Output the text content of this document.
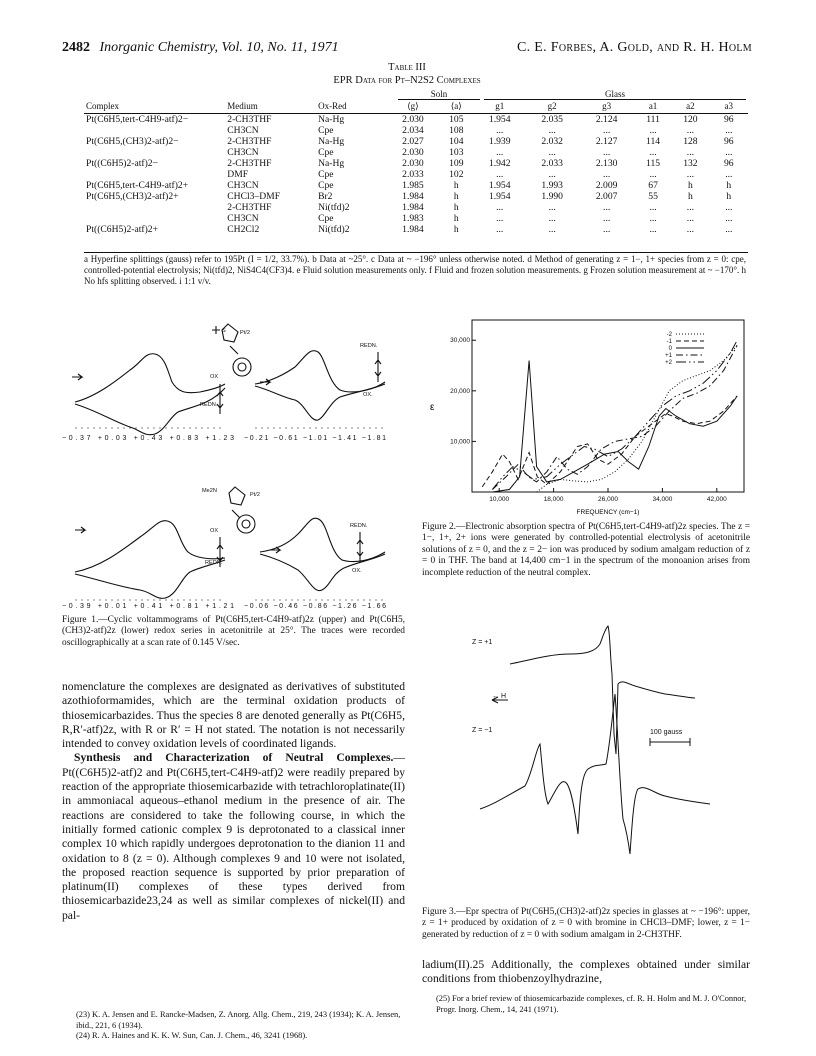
2482 Inorganic Chemistry, Vol. 10, No. 11, 1971	C. E. Forbes, A. Gold, and R. H. Holm
Table III
EPR Data for Pt–N2S2 Complexes
Soln	Glass
Complex	Medium	Ox-Red	⟨g⟩	⟨a⟩	g1	g2	g3	a1	a2	a3
Pt(C6H5,tert-C4H9-atf)2−	2-CH3THF	Na-Hg	2.030	105	1.954	2.035	2.124	111	120	96
	CH3CN	Cpe	2.034	108	...	...	...	...	...	...
Pt(C6H5,(CH3)2-atf)2−	2-CH3THF	Na-Hg	2.027	104	1.939	2.032	2.127	114	128	96
	CH3CN	Cpe	2.030	103	...	...	...	...	...	...
Pt((C6H5)2-atf)2−	2-CH3THF	Na-Hg	2.030	109	1.942	2.033	2.130	115	132	96
	DMF	Cpe	2.033	102	...	...	...	...	...	...
Pt(C6H5,tert-C4H9-atf)2+	CH3CN	Cpe	1.985	h	1.954	1.993	2.009	67	h	h
Pt(C6H5,(CH3)2-atf)2+	CHCl3–DMF	Br2	1.984	h	1.954	1.990	2.007	55	h	h
	2-CH3THF	Ni(tfd)2	1.984	h	...	...	...	...	...	...
	CH3CN	Cpe	1.983	h	...	...	...	...	...	...
Pt((C6H5)2-atf)2+	CH2Cl2	Ni(tfd)2	1.984	h	...	...	...	...	...	...
a Hyperfine splittings (gauss) refer to 195Pt (I = 1/2, 33.7%). b Data at ~25°. c Data at ~ −196° unless otherwise noted. d Method of generating z = 1−, 1+ species from z = 0: cpe, controlled-potential electrolysis; Ni(tfd)2, NiS4C4(CF3)4. e Fluid solution measurements only. f Fluid and frozen solution measurements. g Frozen solution measurement at ~ −170°. h No hfs splitting observed. i 1:1 v/v.
S	Pt/2
Me2N
Pt/2
OX
REDN.
REDN.
OX.
OX
REDN.
REDN.
OX.
−0.37 +0.03 +0.43 +0.83 +1.23 −0.21 −0.61 −1.01 −1.41 −1.81
−0.39 +0.01 +0.41 +0.81 +1.21 −0.06 −0.46 −0.86 −1.26 −1.66
Figure 1.—Cyclic voltammograms of Pt(C6H5,tert-C4H9-atf)2z (upper) and Pt(C6H5,(CH3)2-atf)2z (lower) redox series in acetonitrile at 25°. The traces were recorded oscillographically at a scan rate of 0.145 V/sec.
10,000	18,000	26,000	34,000	42,000
10,000
20,000
30,000
-2
-1
0
+1
+2
ε
FREQUENCY (cm−1)
Figure 2.—Electronic absorption spectra of Pt(C6H5,tert-C4H9-atf)2z species. The z = 1−, 1+, 2+ ions were generated by controlled-potential electrolysis of acetonitrile solutions of z = 0, and the z = 2− ion was produced by sodium amalgam reduction of z = 0 in THF. The band at 14,400 cm−1 in the spectrum of the monoanion arises from incomplete reduction of the neutral complex.
Z = +1
Z = −1
← H
100 gauss
Figure 3.—Epr spectra of Pt(C6H5,(CH3)2-atf)2z species in glasses at ~ −196°: upper, z = 1+ produced by oxidation of z = 0 with bromine in CHCl3–DMF; lower, z = 1− generated by reduction of z = 0 with sodium amalgam in 2-CH3THF.
nomenclature the complexes are designated as derivatives of substituted azothioformamides, which are the terminal oxidation products of thiosemicarbazides. Thus the species 8 are denoted generally as Pt(C6H5, R,R′-atf)2z, with R or R′ = H not stated. The notation is not necessarily intended to convey oxidation levels of coordinated ligands.
Synthesis and Characterization of Neutral Complexes.—Pt((C6H5)2-atf)2 and Pt(C6H5,tert-C4H9-atf)2 were readily prepared by reaction of the appropriate thiosemicarbazide with tetrachloroplatinate(II) in ammoniacal aqueous–ethanol medium in the presence of air. The reactions are considered to take the following course, in which the initially formed cationic complex 9 is deprotonated to a classical inner complex 10 which rapidly undergoes deprotonation to the dianion 11 and oxidation to 8 (z = 0). Although complexes 9 and 10 were not isolated, the proposed reaction sequence is supported by prior preparation of platinum(II) complexes of these types derived from thiosemicarbazide23,24 as well as similar complexes of nickel(II) and pal-
(23) K. A. Jensen and E. Rancke-Madsen, Z. Anorg. Allg. Chem., 219, 243 (1934); K. A. Jensen, ibid., 221, 6 (1934).
(24) R. A. Haines and K. K. W. Sun, Can. J. Chem., 46, 3241 (1968).
ladium(II).25 Additionally, the complexes obtained under similar conditions from thiobenzoylhydrazine,
(25) For a brief review of thiosemicarbazide complexes, cf. R. H. Holm and M. J. O'Connor, Progr. Inorg. Chem., 14, 241 (1971).
